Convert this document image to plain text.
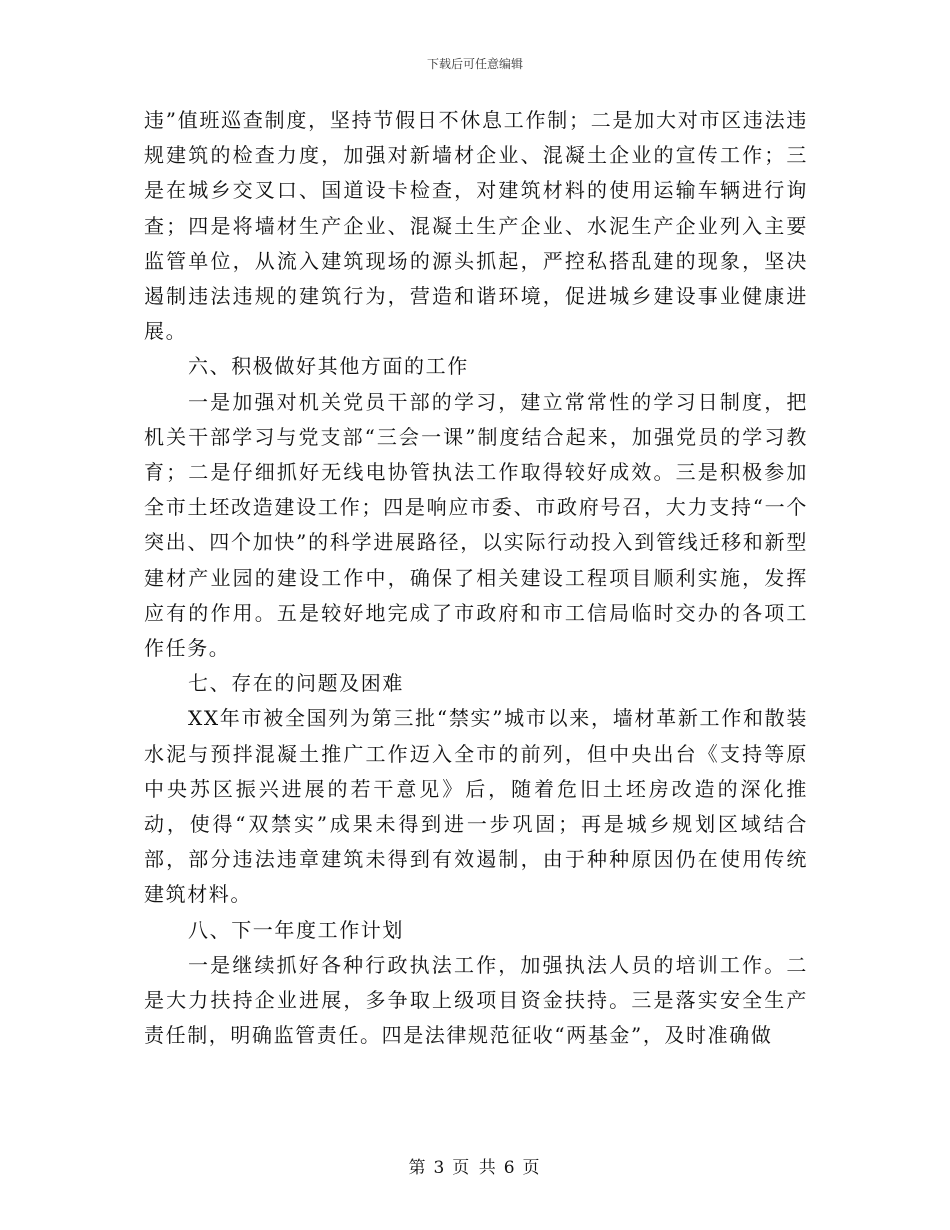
下载后可任意编辑

违”值班巡查制度，坚持节假日不休息工作制；二是加大对市区违法违规建筑的检查力度，加强对新墙材企业、混凝土企业的宣传工作；三是在城乡交叉口、国道设卡检查，对建筑材料的使用运输车辆进行询查；四是将墙材生产企业、混凝土生产企业、水泥生产企业列入主要监管单位，从流入建筑现场的源头抓起，严控私搭乱建的现象，坚决遏制违法违规的建筑行为，营造和谐环境，促进城乡建设事业健康进展。

六、积极做好其他方面的工作

一是加强对机关党员干部的学习，建立常常性的学习日制度，把机关干部学习与党支部“三会一课”制度结合起来，加强党员的学习教育；二是仔细抓好无线电协管执法工作取得较好成效。三是积极参加全市土坯改造建设工作；四是响应市委、市政府号召，大力支持“一个突出、四个加快”的科学进展路径，以实际行动投入到管线迁移和新型建材产业园的建设工作中，确保了相关建设工程项目顺利实施，发挥应有的作用。五是较好地完成了市政府和市工信局临时交办的各项工作任务。

七、存在的问题及困难

XX年市被全国列为第三批“禁实”城市以来，墙材革新工作和散装水泥与预拌混凝土推广工作迈入全市的前列，但中央出台《支持等原中央苏区振兴进展的若干意见》后，随着危旧土坯房改造的深化推动，使得“双禁实”成果未得到进一步巩固；再是城乡规划区域结合部，部分违法违章建筑未得到有效遏制，由于种种原因仍在使用传统建筑材料。

八、下一年度工作计划

一是继续抓好各种行政执法工作，加强执法人员的培训工作。二是大力扶持企业进展，多争取上级项目资金扶持。三是落实安全生产责任制，明确监管责任。四是法律规范征收“两基金”，及时准确做

第 3 页 共 6 页
